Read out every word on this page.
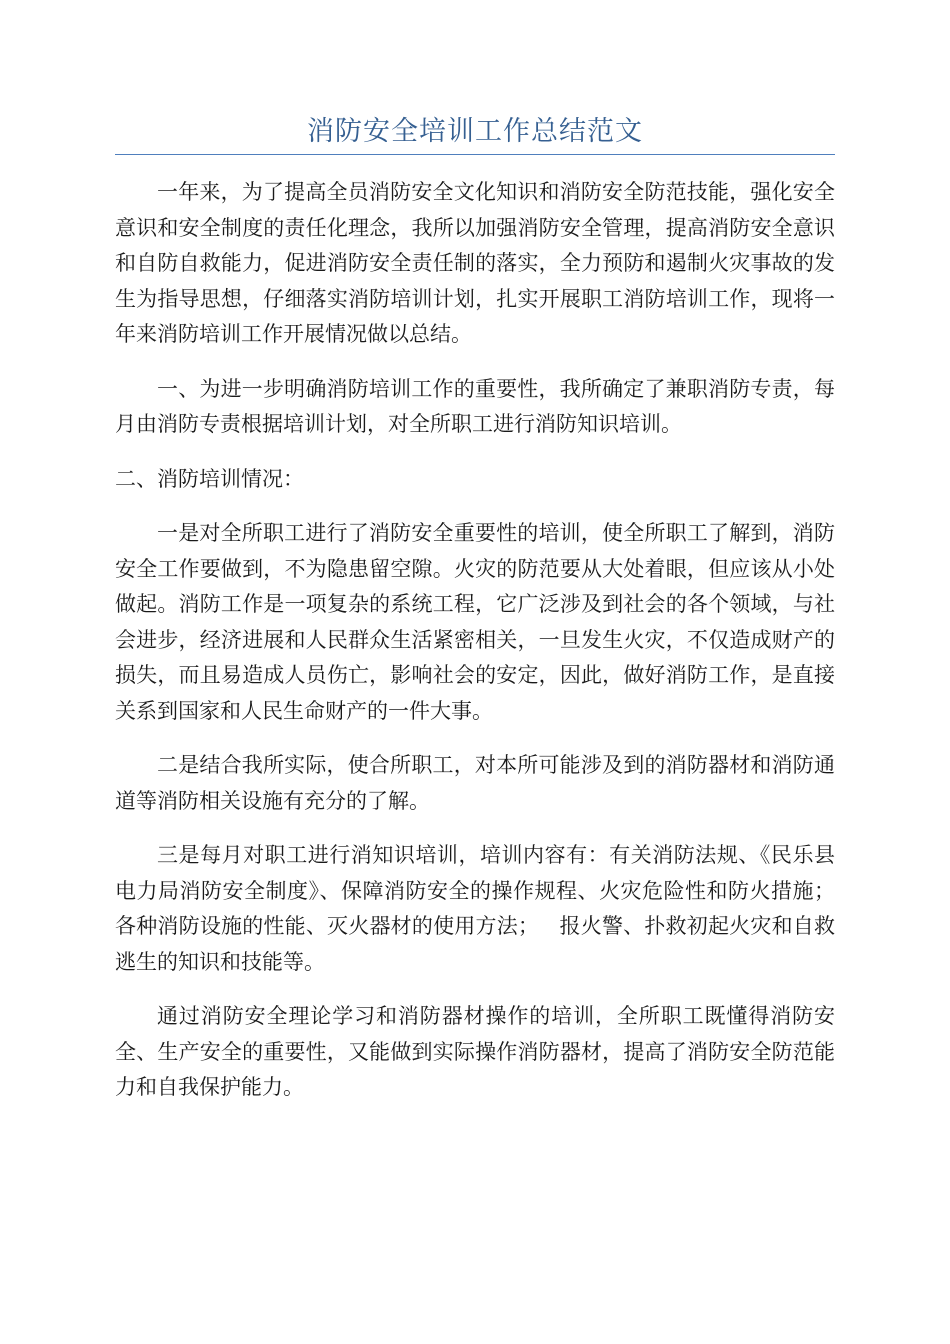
消防安全培训工作总结范文

一年来，为了提高全员消防安全文化知识和消防安全防范技能，强化安全意识和安全制度的责任化理念，我所以加强消防安全管理，提高消防安全意识和自防自救能力，促进消防安全责任制的落实，全力预防和遏制火灾事故的发生为指导思想，仔细落实消防培训计划，扎实开展职工消防培训工作，现将一年来消防培训工作开展情况做以总结。

一、为进一步明确消防培训工作的重要性，我所确定了兼职消防专责，每月由消防专责根据培训计划，对全所职工进行消防知识培训。

二、消防培训情况：

一是对全所职工进行了消防安全重要性的培训，使全所职工了解到，消防安全工作要做到，不为隐患留空隙。火灾的防范要从大处着眼，但应该从小处做起。消防工作是一项复杂的系统工程，它广泛涉及到社会的各个领域，与社会进步，经济进展和人民群众生活紧密相关，一旦发生火灾，不仅造成财产的损失，而且易造成人员伤亡，影响社会的安定，因此，做好消防工作，是直接关系到国家和人民生命财产的一件大事。

二是结合我所实际，使合所职工，对本所可能涉及到的消防器材和消防通道等消防相关设施有充分的了解。

三是每月对职工进行消知识培训，培训内容有：有关消防法规、《民乐县电力局消防安全制度》、保障消防安全的操作规程、火灾危险性和防火措施；   各种消防设施的性能、灭火器材的使用方法；   报火警、扑救初起火灾和自救逃生的知识和技能等。

通过消防安全理论学习和消防器材操作的培训，全所职工既懂得消防安全、生产安全的重要性，又能做到实际操作消防器材，提高了消防安全防范能力和自我保护能力。
